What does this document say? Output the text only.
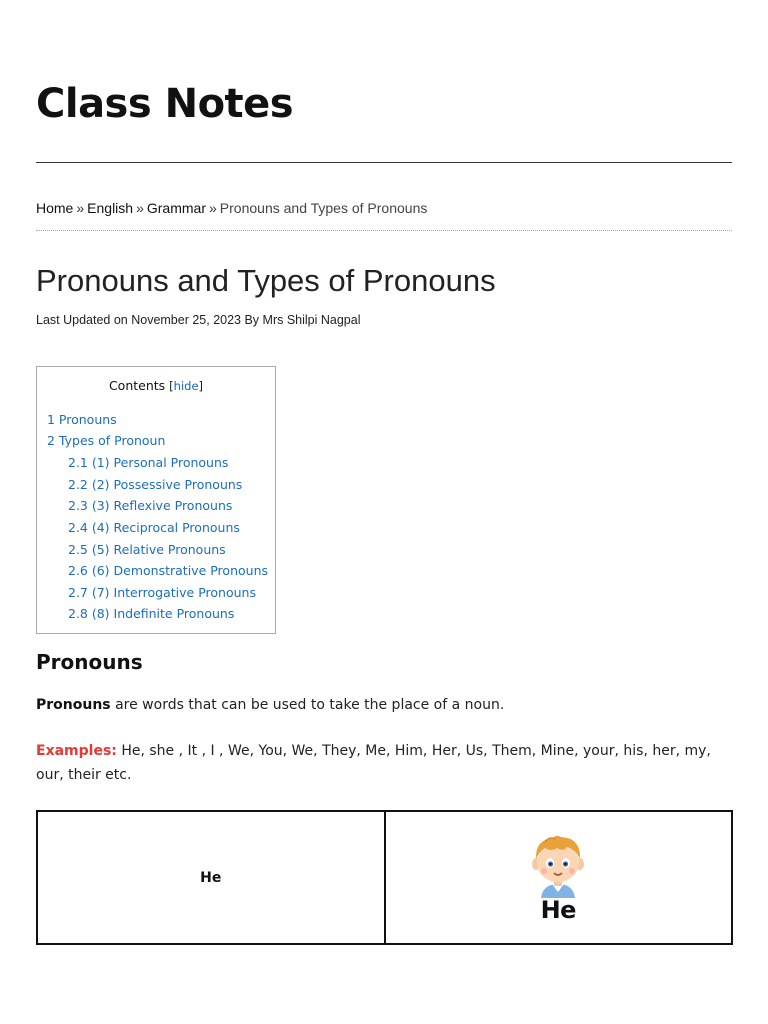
Class Notes
Home » English » Grammar » Pronouns and Types of Pronouns
Pronouns and Types of Pronouns
Last Updated on November 25, 2023 By Mrs Shilpi Nagpal
Contents [hide]
1 Pronouns
2 Types of Pronoun
2.1 (1) Personal Pronouns
2.2 (2) Possessive Pronouns
2.3 (3) Reflexive Pronouns
2.4 (4) Reciprocal Pronouns
2.5 (5) Relative Pronouns
2.6 (6) Demonstrative Pronouns
2.7 (7) Interrogative Pronouns
2.8 (8) Indefinite Pronouns
Pronouns

Pronouns are words that can be used to take the place of a noun.

Examples: He, she , It , I , We, You, We, They, Me, Him, Her, Us, Them, Mine, your, his, her, my, our, their etc.

He
He
